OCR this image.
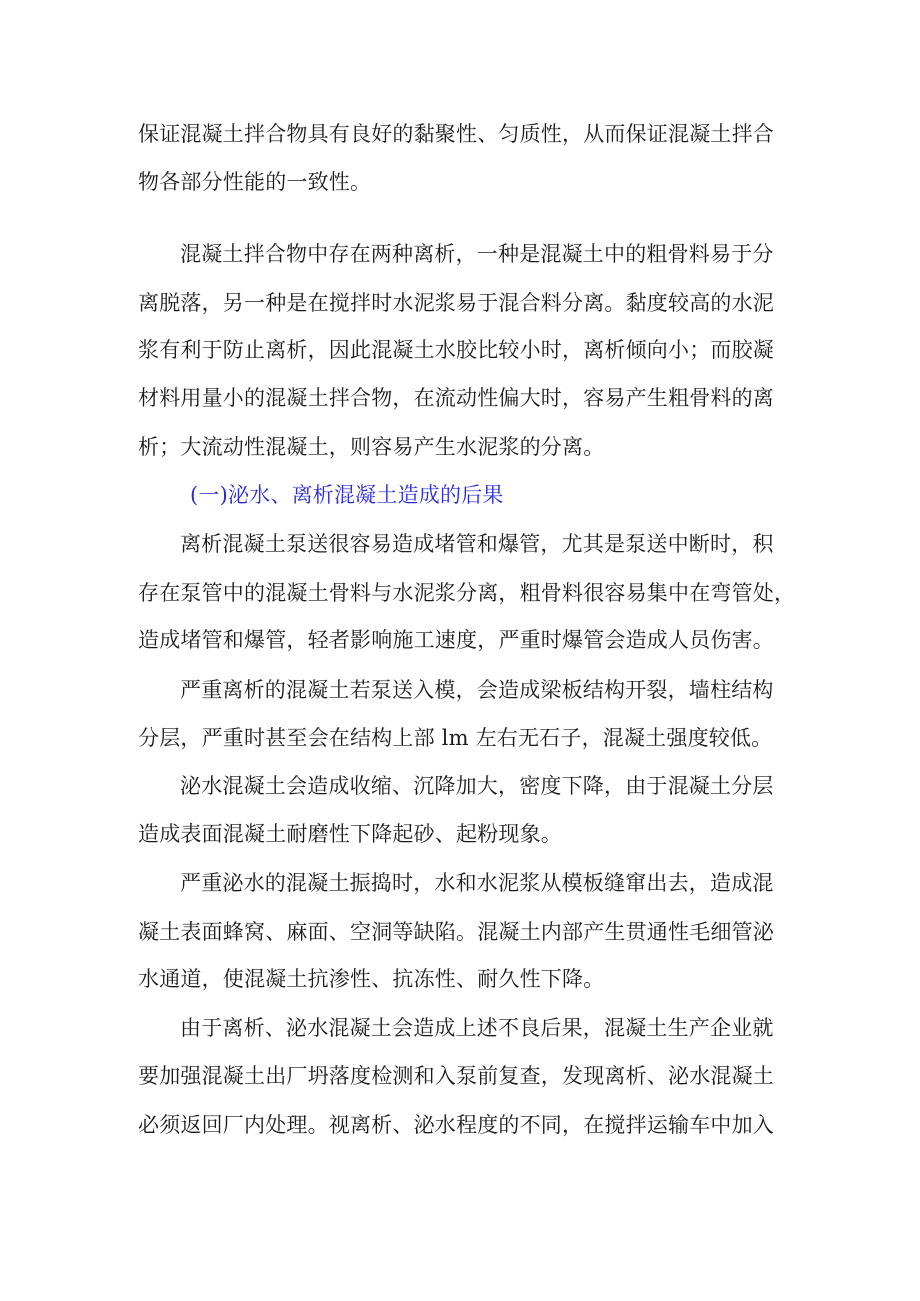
保证混凝土拌合物具有良好的黏聚性、匀质性，从而保证混凝土拌合
物各部分性能的一致性。
混凝土拌合物中存在两种离析，一种是混凝土中的粗骨料易于分
离脱落，另一种是在搅拌时水泥浆易于混合料分离。黏度较高的水泥
浆有利于防止离析，因此混凝土水胶比较小时，离析倾向小；而胶凝
材料用量小的混凝土拌合物，在流动性偏大时，容易产生粗骨料的离
析；大流动性混凝土，则容易产生水泥浆的分离。
(一)泌水、离析混凝土造成的后果
离析混凝土泵送很容易造成堵管和爆管，尤其是泵送中断时，积
存在泵管中的混凝土骨料与水泥浆分离，粗骨料很容易集中在弯管处，
造成堵管和爆管，轻者影响施工速度，严重时爆管会造成人员伤害。
严重离析的混凝土若泵送入模，会造成梁板结构开裂，墙柱结构
分层，严重时甚至会在结构上部 lm 左右无石子，混凝土强度较低。
泌水混凝土会造成收缩、沉降加大，密度下降，由于混凝土分层
造成表面混凝土耐磨性下降起砂、起粉现象。
严重泌水的混凝土振捣时，水和水泥浆从模板缝窜出去，造成混
凝土表面蜂窝、麻面、空洞等缺陷。混凝土内部产生贯通性毛细管泌
水通道，使混凝土抗渗性、抗冻性、耐久性下降。
由于离析、泌水混凝土会造成上述不良后果，混凝土生产企业就
要加强混凝土出厂坍落度检测和入泵前复查，发现离析、泌水混凝土
必须返回厂内处理。视离析、泌水程度的不同，在搅拌运输车中加入
